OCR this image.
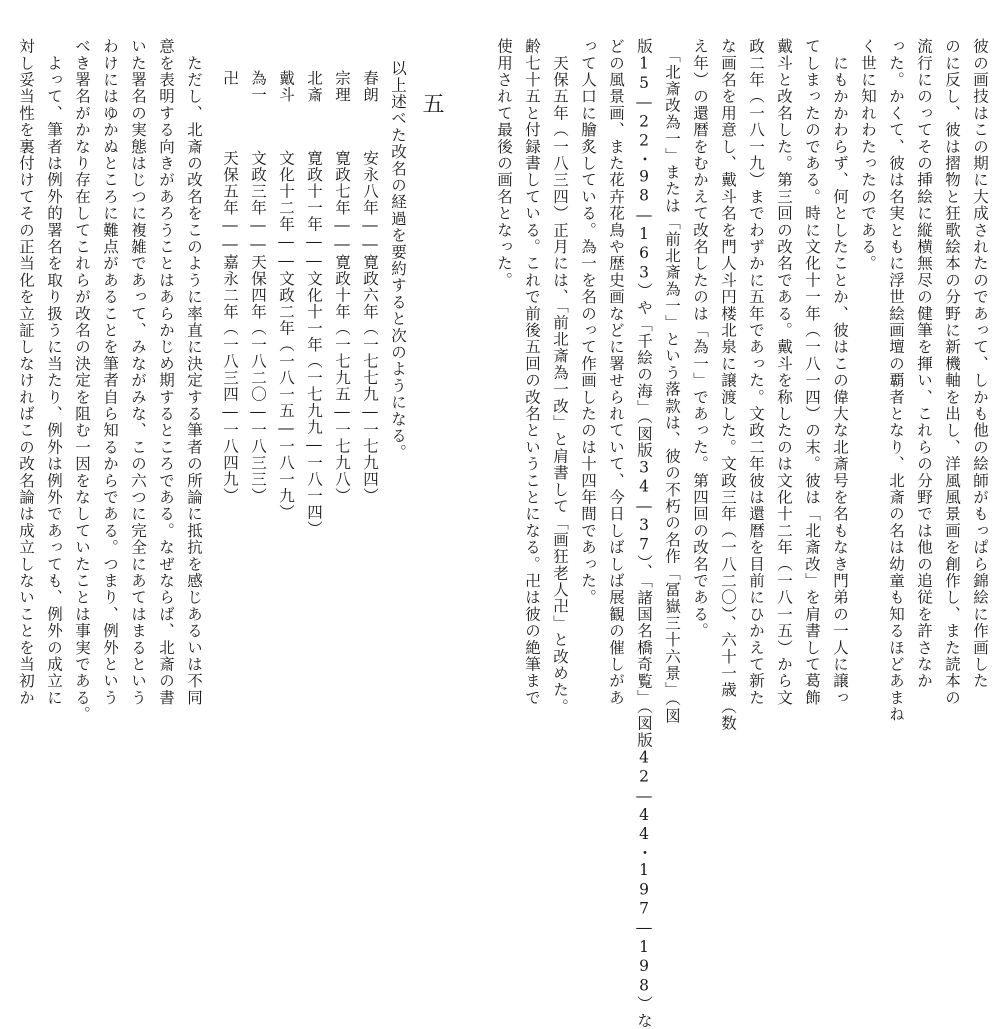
彼の画技はこの期に大成されたのであって、しかも他の絵師がもっぱら錦絵に作画した

のに反し、彼は摺物と狂歌絵本の分野に新機軸を出し、洋風風景画を創作し、また読本の

流行にのってその挿絵に縦横無尽の健筆を揮い、これらの分野では他の追従を許さなか

った。かくて、彼は名実ともに浮世絵画壇の覇者となり、北斎の名は幼童も知るほどあまね

く世に知れわたったのである。

　にもかかわらず、何としたことか、彼はこの偉大な北斎号を名もなき門弟の一人に譲っ

てしまったのである。時に文化十一年（一八一四）の末。彼は「北斎改」を肩書して葛飾

戴斗と改名した。第三回の改名である。戴斗を称したのは文化十二年（一八一五）から文

政二年（一八一九）までわずかに五年であった。文政二年彼は還暦を目前にひかえて新た

な画名を用意し、戴斗名を門人斗円楼北泉に譲渡した。文政三年（一八二〇）、六十一歳（数

え年）の還暦をむかえて改名したのは「為一」であった。第四回の改名である。

　「北斎改為一」または「前北斎為一」という落款は、彼の不朽の名作「冨嶽三十六景」（図

版15―22・98―163）や「千絵の海」（図版34―37）、「諸国名橋奇覧」（図版42―44・197―198）な

どの風景画、また花卉花鳥や歴史画などに署せられていて、今日しばしば展観の催しがあ

って人口に膾炙している。為一を名のって作画したのは十四年間であった。

　天保五年（一八三四）正月には、「前北斎為一改」と肩書して「画狂老人卍」と改めた。

齢七十五と付録書している。これで前後五回の改名ということになる。卍は彼の絶筆まで

使用されて最後の画名となった。

五

以上述べた改名の経過を要約すると次のようになる。

春朗安永八年――寛政六年（一七七九―一七九四）
宗理寛政七年――寛政十年（一七九五―一七九八）
北斎寛政十一年――文化十一年（一七九九―一八一四）
戴斗文化十二年――文政二年（一八一五―一八一九）
為一文政三年――天保四年（一八二〇―一八三三）
卍天保五年――嘉永二年（一八三四―一八四九）

　ただし、北斎の改名をこのように率直に決定する筆者の所論に抵抗を感じあるいは不同

意を表明する向きがあろうことはあらかじめ期するところである。なぜならば、北斎の書

いた署名の実態はじつに複雑であって、みながみな、この六つに完全にあてはまるという

わけにはゆかぬところに難点があることを筆者自ら知るからである。つまり、例外という

べき署名がかなり存在してこれらが改名の決定を阻む一因をなしていたことは事実である。

　よって、筆者は例外的署名を取り扱うに当たり、例外は例外であっても、例外の成立に

対し妥当性を裏付けてその正当化を立証しなければこの改名論は成立しないことを当初か
